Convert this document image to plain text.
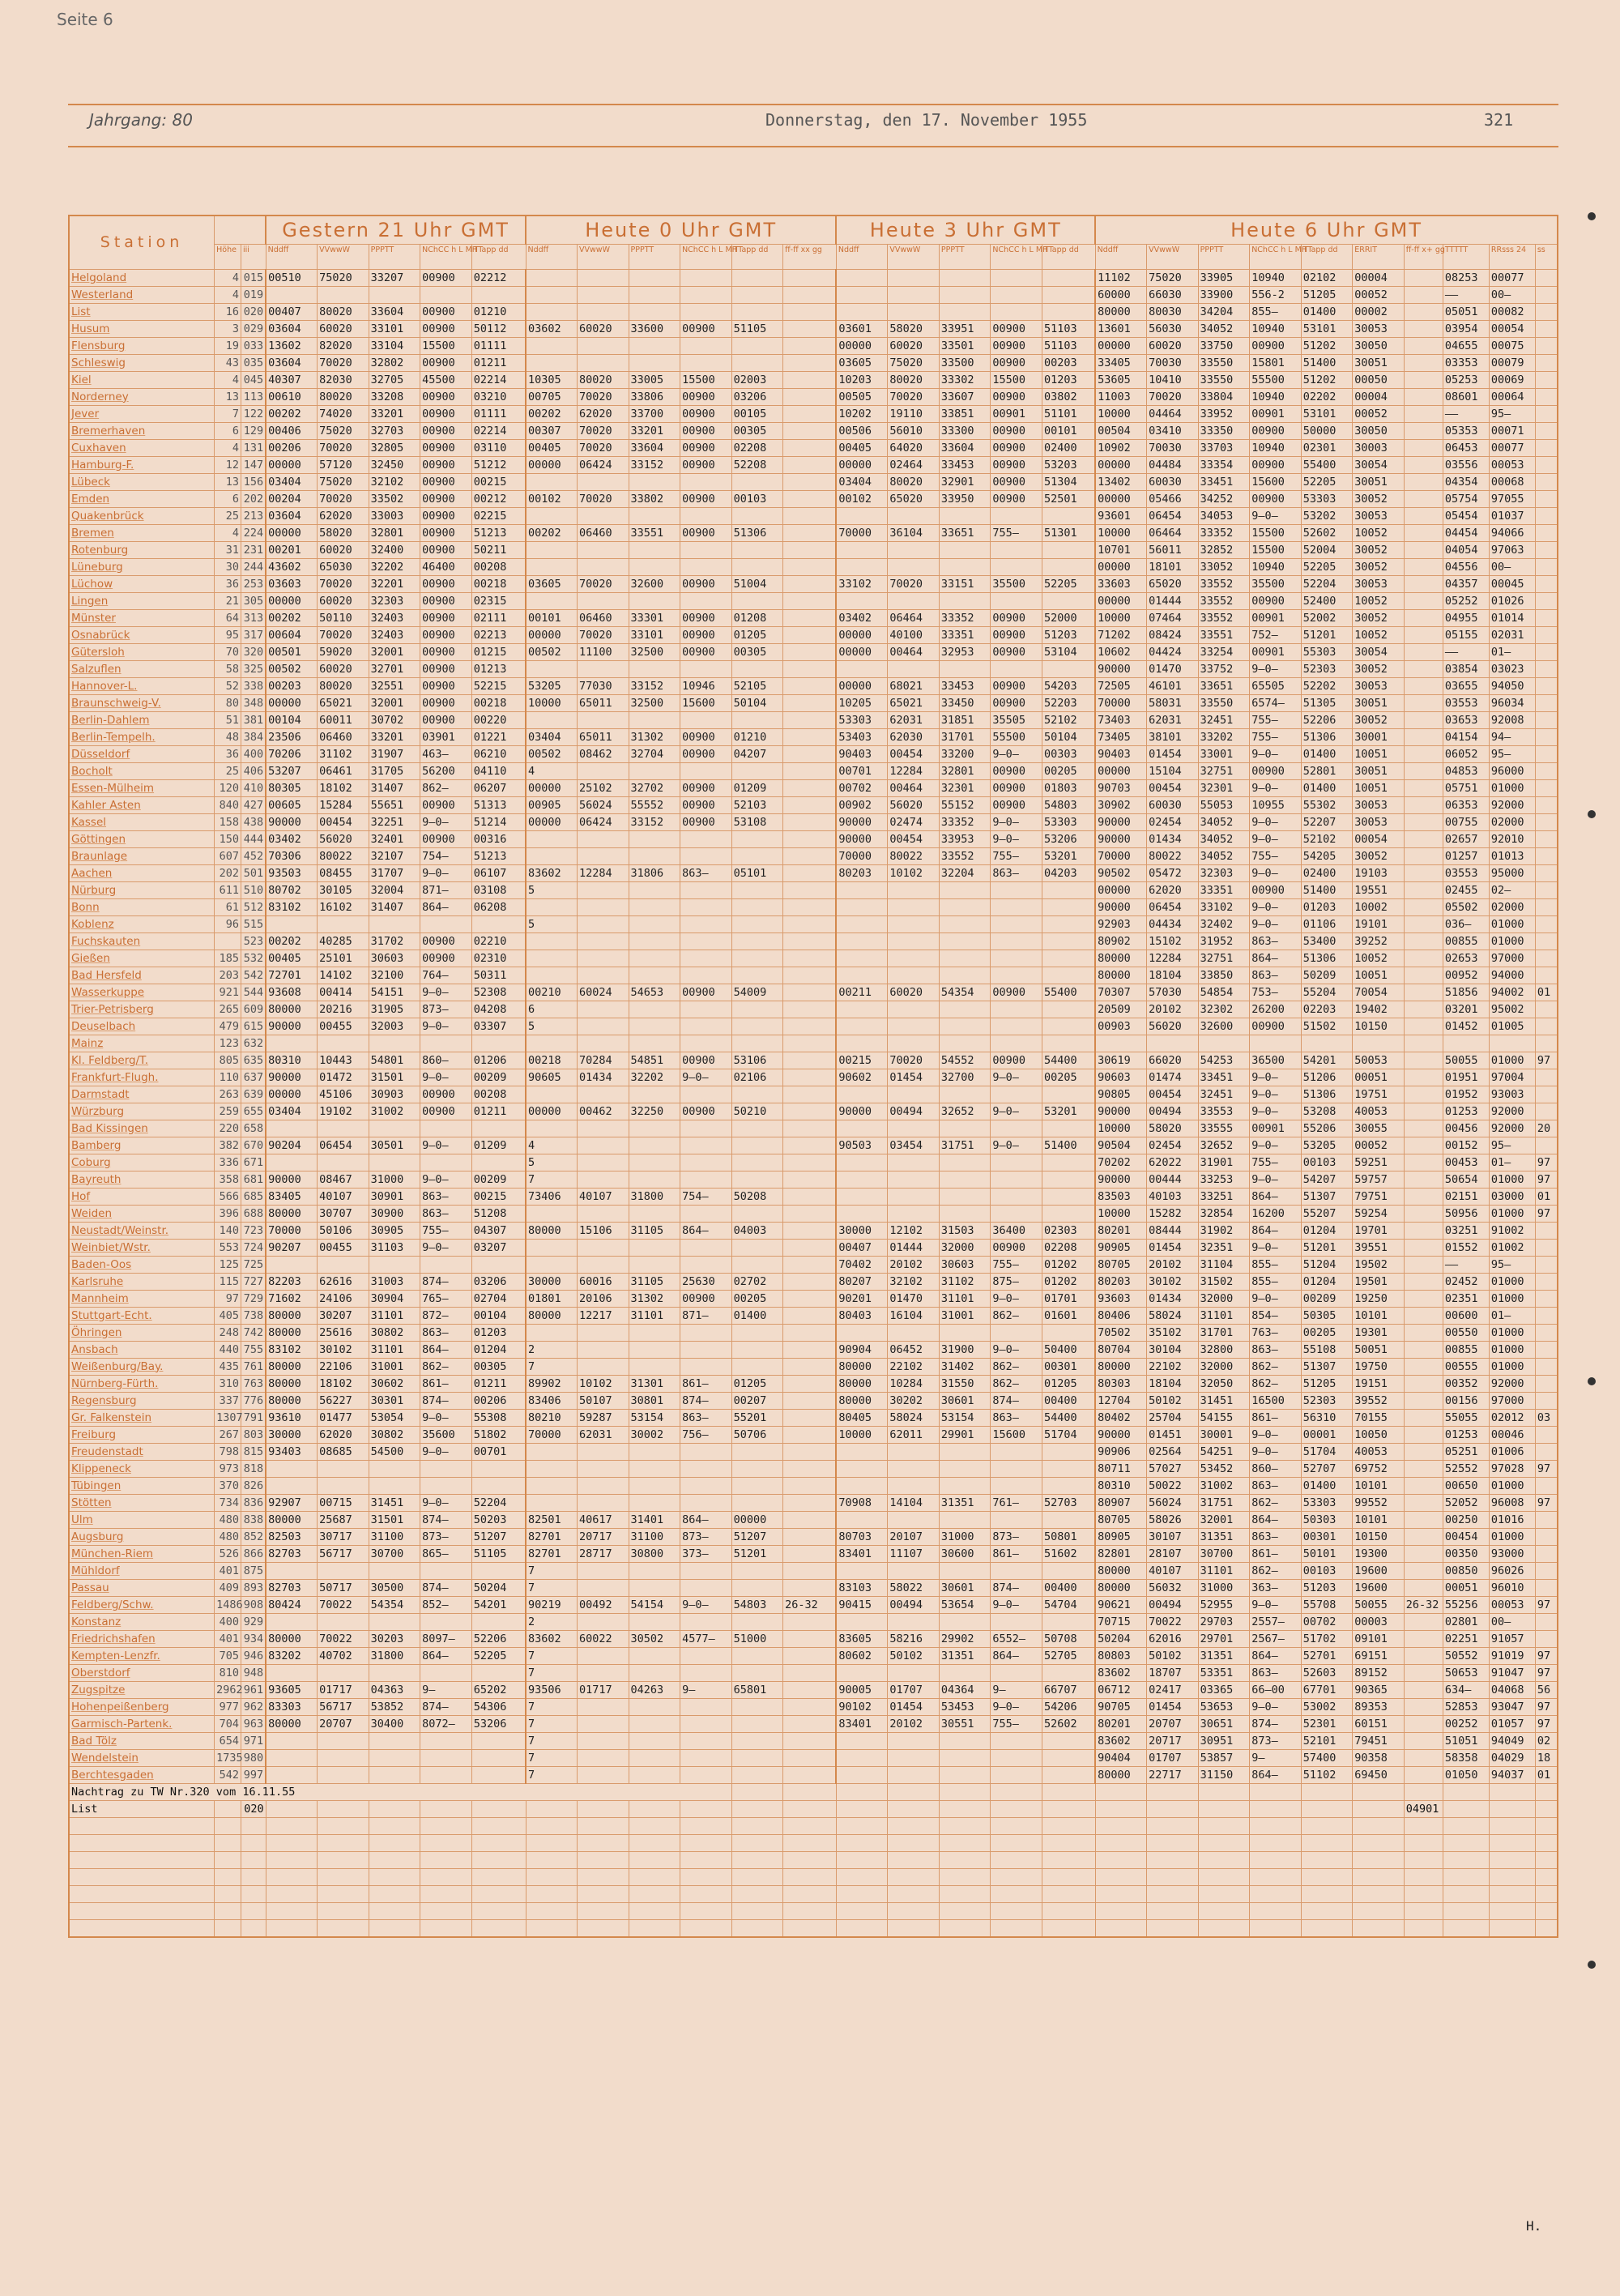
Seite 6
Jahrgang: 80	Donnerstag, den 17. November 1955	321
Station			Gestern 21 Uhr GMT					Heute 0 Uhr GMT						Heute 3 Uhr GMT					Heute 6 Uhr GMT									
	Höhe	iii	Nddff	VVwwW	PPPTT	NChCC h L MH	TTapp dd	Nddff	VVwwW	PPPTT	NChCC h L MH	TTapp dd	ff-ff xx gg	Nddff	VVwwW	PPPTT	NChCC h L MH	TTapp dd	Nddff	VVwwW	PPPTT	NChCC h L MH	TTapp dd	ERRIT	ff-ff x+ gg	TTTTT	RRsss 24	ss
Helgoland	4	015	00510	75020	33207	00900	02212												11102	75020	33905	10940	02102	00004		08253	00077	
Westerland	4	019																	60000	66030	33900	556-2	51205	00052		——	00—	
List	16	020	00407	80020	33604	00900	01210												80000	80030	34204	855—	01400	00002		05051	00082	
Husum	3	029	03604	60020	33101	00900	50112	03602	60020	33600	00900	51105		03601	58020	33951	00900	51103	13601	56030	34052	10940	53101	30053		03954	00054	
Flensburg	19	033	13602	82020	33104	15500	01111							00000	60020	33501	00900	51103	00000	60020	33750	00900	51202	30050		04655	00075	
Schleswig	43	035	03604	70020	32802	00900	01211							03605	75020	33500	00900	00203	33405	70030	33550	15801	51400	30051		03353	00079	
Kiel	4	045	40307	82030	32705	45500	02214	10305	80020	33005	15500	02003		10203	80020	33302	15500	01203	53605	10410	33550	55500	51202	00050		05253	00069	
Norderney	13	113	00610	80020	33208	00900	03210	00705	70020	33806	00900	03206		00505	70020	33607	00900	03802	11003	70020	33804	10940	02202	00004		08601	00064	
Jever	7	122	00202	74020	33201	00900	01111	00202	62020	33700	00900	00105		10202	19110	33851	00901	51101	10000	04464	33952	00901	53101	00052		——	95—	
Bremerhaven	6	129	00406	75020	32703	00900	02214	00307	70020	33201	00900	00305		00506	56010	33300	00900	00101	00504	03410	33350	00900	50000	30050		05353	00071	
Cuxhaven	4	131	00206	70020	32805	00900	03110	00405	70020	33604	00900	02208		00405	64020	33604	00900	02400	10902	70030	33703	10940	02301	30003		06453	00077	
Hamburg-F.	12	147	00000	57120	32450	00900	51212	00000	06424	33152	00900	52208		00000	02464	33453	00900	53203	00000	04484	33354	00900	55400	30054		03556	00053	
Lübeck	13	156	03404	75020	32102	00900	00215							03404	80020	32901	00900	51304	13402	60030	33451	15600	52205	30051		04354	00068	
Emden	6	202	00204	70020	33502	00900	00212	00102	70020	33802	00900	00103		00102	65020	33950	00900	52501	00000	05466	34252	00900	53303	30052		05754	97055	
Quakenbrück	25	213	03604	62020	33003	00900	02215												93601	06454	34053	9—0—	53202	30053		05454	01037	
Bremen	4	224	00000	58020	32801	00900	51213	00202	06460	33551	00900	51306		70000	36104	33651	755—	51301	10000	06464	33352	15500	52602	10052		04454	94066	
Rotenburg	31	231	00201	60020	32400	00900	50211												10701	56011	32852	15500	52004	30052		04054	97063	
Lüneburg	30	244	43602	65030	32202	46400	00208												00000	18101	33052	10940	52205	30052		04556	00—	
Lüchow	36	253	03603	70020	32201	00900	00218	03605	70020	32600	00900	51004		33102	70020	33151	35500	52205	33603	65020	33552	35500	52204	30053		04357	00045	
Lingen	21	305	00000	60020	32303	00900	02315												00000	01444	33552	00900	52400	10052		05252	01026	
Münster	64	313	00202	50110	32403	00900	02111	00101	06460	33301	00900	01208		03402	06464	33352	00900	52000	10000	07464	33552	00901	52002	30052		04955	01014	
Osnabrück	95	317	00604	70020	32403	00900	02213	00000	70020	33101	00900	01205		00000	40100	33351	00900	51203	71202	08424	33551	752—	51201	10052		05155	02031	
Gütersloh	70	320	00501	59020	32001	00900	01215	00502	11100	32500	00900	00305		00000	00464	32953	00900	53104	10602	04424	33254	00901	55303	30054		——	01—	
Salzuflen	58	325	00502	60020	32701	00900	01213												90000	01470	33752	9—0—	52303	30052		03854	03023	
Hannover-L.	52	338	00203	80020	32551	00900	52215	53205	77030	33152	10946	52105		00000	68021	33453	00900	54203	72505	46101	33651	65505	52202	30053		03655	94050	
Braunschweig-V.	80	348	00000	65021	32001	00900	00218	10000	65011	32500	15600	50104		10205	65021	33450	00900	52203	70000	58031	33550	6574—	51305	30051		03553	96034	
Berlin-Dahlem	51	381	00104	60011	30702	00900	00220							53303	62031	31851	35505	52102	73403	62031	32451	755—	52206	30052		03653	92008	
Berlin-Tempelh.	48	384	23506	06460	33201	03901	01221	03404	65011	31302	00900	01210		53403	62030	31701	55500	50104	73405	38101	33202	755—	51306	30001		04154	94—	
Düsseldorf	36	400	70206	31102	31907	463—	06210	00502	08462	32704	00900	04207		90403	00454	33200	9—0—	00303	90403	01454	33001	9—0—	01400	10051		06052	95—	
Bocholt	25	406	53207	06461	31705	56200	04110	4						00701	12284	32801	00900	00205	00000	15104	32751	00900	52801	30051		04853	96000	
Essen-Mülheim	120	410	80305	18102	31407	862—	06207	00000	25102	32702	00900	01209		00702	00464	32301	00900	01803	90703	00454	32301	9—0—	01400	10051		05751	01000	
Kahler Asten	840	427	00605	15284	55651	00900	51313	00905	56024	55552	00900	52103		00902	56020	55152	00900	54803	30902	60030	55053	10955	55302	30053		06353	92000	
Kassel	158	438	90000	00454	32251	9—0—	51214	00000	06424	33152	00900	53108		90000	02474	33352	9—0—	53303	90000	02454	34052	9—0—	52207	30053		00755	02000	
Göttingen	150	444	03402	56020	32401	00900	00316							90000	00454	33953	9—0—	53206	90000	01434	34052	9—0—	52102	00054		02657	92010	
Braunlage	607	452	70306	80022	32107	754—	51213							70000	80022	33552	755—	53201	70000	80022	34052	755—	54205	30052		01257	01013	
Aachen	202	501	93503	08455	31707	9—0—	06107	83602	12284	31806	863—	05101		80203	10102	32204	863—	04203	90502	05472	32303	9—0—	02400	19103		03553	95000	
Nürburg	611	510	80702	30105	32004	871—	03108	5											00000	62020	33351	00900	51400	19551		02455	02—	
Bonn	61	512	83102	16102	31407	864—	06208												90000	06454	33102	9—0—	01203	10002		05502	02000	
Koblenz	96	515						5											92903	04434	32402	9—0—	01106	19101		036—	01000	
Fuchskauten		523	00202	40285	31702	00900	02210												80902	15102	31952	863—	53400	39252		00855	01000	
Gießen	185	532	00405	25101	30603	00900	02310												80000	12284	32751	864—	51306	10052		02653	97000	
Bad Hersfeld	203	542	72701	14102	32100	764—	50311												80000	18104	33850	863—	50209	10051		00952	94000	
Wasserkuppe	921	544	93608	00414	54151	9—0—	52308	00210	60024	54653	00900	54009		00211	60020	54354	00900	55400	70307	57030	54854	753—	55204	70054		51856	94002	01
Trier-Petrisberg	265	609	80000	20216	31905	873—	04208	6											20509	20102	32302	26200	02203	19402		03201	95002	
Deuselbach	479	615	90000	00455	32003	9—0—	03307	5											00903	56020	32600	00900	51502	10150		01452	01005	
Mainz	123	632																										
Kl. Feldberg/T.	805	635	80310	10443	54801	860—	01206	00218	70284	54851	00900	53106		00215	70020	54552	00900	54400	30619	66020	54253	36500	54201	50053		50055	01000	97
Frankfurt-Flugh.	110	637	90000	01472	31501	9—0—	00209	90605	01434	32202	9—0—	02106		90602	01454	32700	9—0—	00205	90603	01474	33451	9—0—	51206	00051		01951	97004	
Darmstadt	263	639	00000	45106	30903	00900	00208												90805	00454	32451	9—0—	51306	19751		01952	93003	
Würzburg	259	655	03404	19102	31002	00900	01211	00000	00462	32250	00900	50210		90000	00494	32652	9—0—	53201	90000	00494	33553	9—0—	53208	40053		01253	92000	
Bad Kissingen	220	658																	10000	58020	33555	00901	55206	30055		00456	92000	20
Bamberg	382	670	90204	06454	30501	9—0—	01209	4						90503	03454	31751	9—0—	51400	90504	02454	32652	9—0—	53205	00052		00152	95—	
Coburg	336	671						5											70202	62022	31901	755—	00103	59251		00453	01—	97
Bayreuth	358	681	90000	08467	31000	9—0—	00209	7											90000	00444	33253	9—0—	54207	59757		50654	01000	97
Hof	566	685	83405	40107	30901	863—	00215	73406	40107	31800	754—	50208							83503	40103	33251	864—	51307	79751		02151	03000	01
Weiden	396	688	80000	30707	30900	863—	51208												10000	15282	32854	16200	55207	59254		50956	01000	97
Neustadt/Weinstr.	140	723	70000	50106	30905	755—	04307	80000	15106	31105	864—	04003		30000	12102	31503	36400	02303	80201	08444	31902	864—	01204	19701		03251	91002	
Weinbiet/Wstr.	553	724	90207	00455	31103	9—0—	03207							00407	01444	32000	00900	02208	90905	01454	32351	9—0—	51201	39551		01552	01002	
Baden-Oos	125	725												70402	20102	30603	755—	01202	80705	20102	31104	855—	51204	19502		——	95—	
Karlsruhe	115	727	82203	62616	31003	874—	03206	30000	60016	31105	25630	02702		80207	32102	31102	875—	01202	80203	30102	31502	855—	01204	19501		02452	01000	
Mannheim	97	729	71602	24106	30904	765—	02704	01801	20106	31302	00900	00205		90201	01470	31101	9—0—	01701	93603	01434	32000	9—0—	00209	19250		02351	01000	
Stuttgart-Echt.	405	738	80000	30207	31101	872—	00104	80000	12217	31101	871—	01400		80403	16104	31001	862—	01601	80406	58024	31101	854—	50305	10101		00600	01—	
Öhringen	248	742	80000	25616	30802	863—	01203												70502	35102	31701	763—	00205	19301		00550	01000	
Ansbach	440	755	83102	30102	31101	864—	01204	2						90904	06452	31900	9—0—	50400	80704	30104	32800	863—	55108	50051		00855	01000	
Weißenburg/Bay.	435	761	80000	22106	31001	862—	00305	7						80000	22102	31402	862—	00301	80000	22102	32000	862—	51307	19750		00555	01000	
Nürnberg-Fürth.	310	763	80000	18102	30602	861—	01211	89902	10102	31301	861—	01205		80000	10284	31550	862—	01205	80303	18104	32050	862—	51205	19151		00352	92000	
Regensburg	337	776	80000	56227	30301	874—	00206	83406	50107	30801	874—	00207		80000	30202	30601	874—	00400	12704	50102	31451	16500	52303	39552		00156	97000	
Gr. Falkenstein	1307	791	93610	01477	53054	9—0—	55308	80210	59287	53154	863—	55201		80405	58024	53154	863—	54400	80402	25704	54155	861—	56310	70155		55055	02012	03
Freiburg	267	803	30000	62020	30802	35600	51802	70000	62031	30002	756—	50706		10000	62011	29901	15600	51704	90000	01451	30001	9—0—	00001	10050		01253	00046	
Freudenstadt	798	815	93403	08685	54500	9—0—	00701												90906	02564	54251	9—0—	51704	40053		05251	01006	
Klippeneck	973	818																	80711	57027	53452	860—	52707	69752		52552	97028	97
Tübingen	370	826																	80310	50022	31002	863—	01400	10101		00650	01000	
Stötten	734	836	92907	00715	31451	9—0—	52204							70908	14104	31351	761—	52703	80907	56024	31751	862—	53303	99552		52052	96008	97
Ulm	480	838	80000	25687	31501	874—	50203	82501	40617	31401	864—	00000							80705	58026	32001	864—	50303	10101		00250	01016	
Augsburg	480	852	82503	30717	31100	873—	51207	82701	20717	31100	873—	51207		80703	20107	31000	873—	50801	80905	30107	31351	863—	00301	10150		00454	01000	
München-Riem	526	866	82703	56717	30700	865—	51105	82701	28717	30800	373—	51201		83401	11107	30600	861—	51602	82801	28107	30700	861—	50101	19300		00350	93000	
Mühldorf	401	875						7											80000	40107	31101	862—	00103	19600		00850	96026	
Passau	409	893	82703	50717	30500	874—	50204	7						83103	58022	30601	874—	00400	80000	56032	31000	363—	51203	19600		00051	96010	
Feldberg/Schw.	1486	908	80424	70022	54354	852—	54201	90219	00492	54154	9—0—	54803	26-32	90415	00494	53654	9—0—	54704	90621	00494	52955	9—0—	55708	50055	26-32	55256	00053	97
Konstanz	400	929						2											70715	70022	29703	2557—	00702	00003		02801	00—	
Friedrichshafen	401	934	80000	70022	30203	8097—	52206	83602	60022	30502	4577—	51000		83605	58216	29902	6552—	50708	50204	62016	29701	2567—	51702	09101		02251	91057	
Kempten-Lenzfr.	705	946	83202	40702	31800	864—	52205	7						80602	50102	31351	864—	52705	80803	50102	31351	864—	52701	69151		50552	91019	97
Oberstdorf	810	948						7											83602	18707	53351	863—	52603	89152		50653	91047	97
Zugspitze	2962	961	93605	01717	04363	9—	65202	93506	01717	04263	9—	65801		90005	01707	04364	9—	66707	06712	02417	03365	66—00	67701	90365		634—	04068	56
Hohenpeißenberg	977	962	83303	56717	53852	874—	54306	7						90102	01454	53453	9—0—	54206	90705	01454	53653	9—0—	53002	89353		52853	93047	97
Garmisch-Partenk.	704	963	80000	20707	30400	8072—	53206	7						83401	20102	30551	755—	52602	80201	20707	30651	874—	52301	60151		00252	01057	97
Bad Tölz	654	971						7											83602	20717	30951	873—	52101	79451		51051	94049	02
Wendelstein	1735	980						7											90404	01707	53857	9—	57400	90358		58358	04029	18
Berchtesgaden	542	997						7											80000	22717	31150	864—	51102	69450		01050	94037	01
Nachtrag zu TW Nr.320 vom 16.11.55																												
List		020																							04901			

H.
